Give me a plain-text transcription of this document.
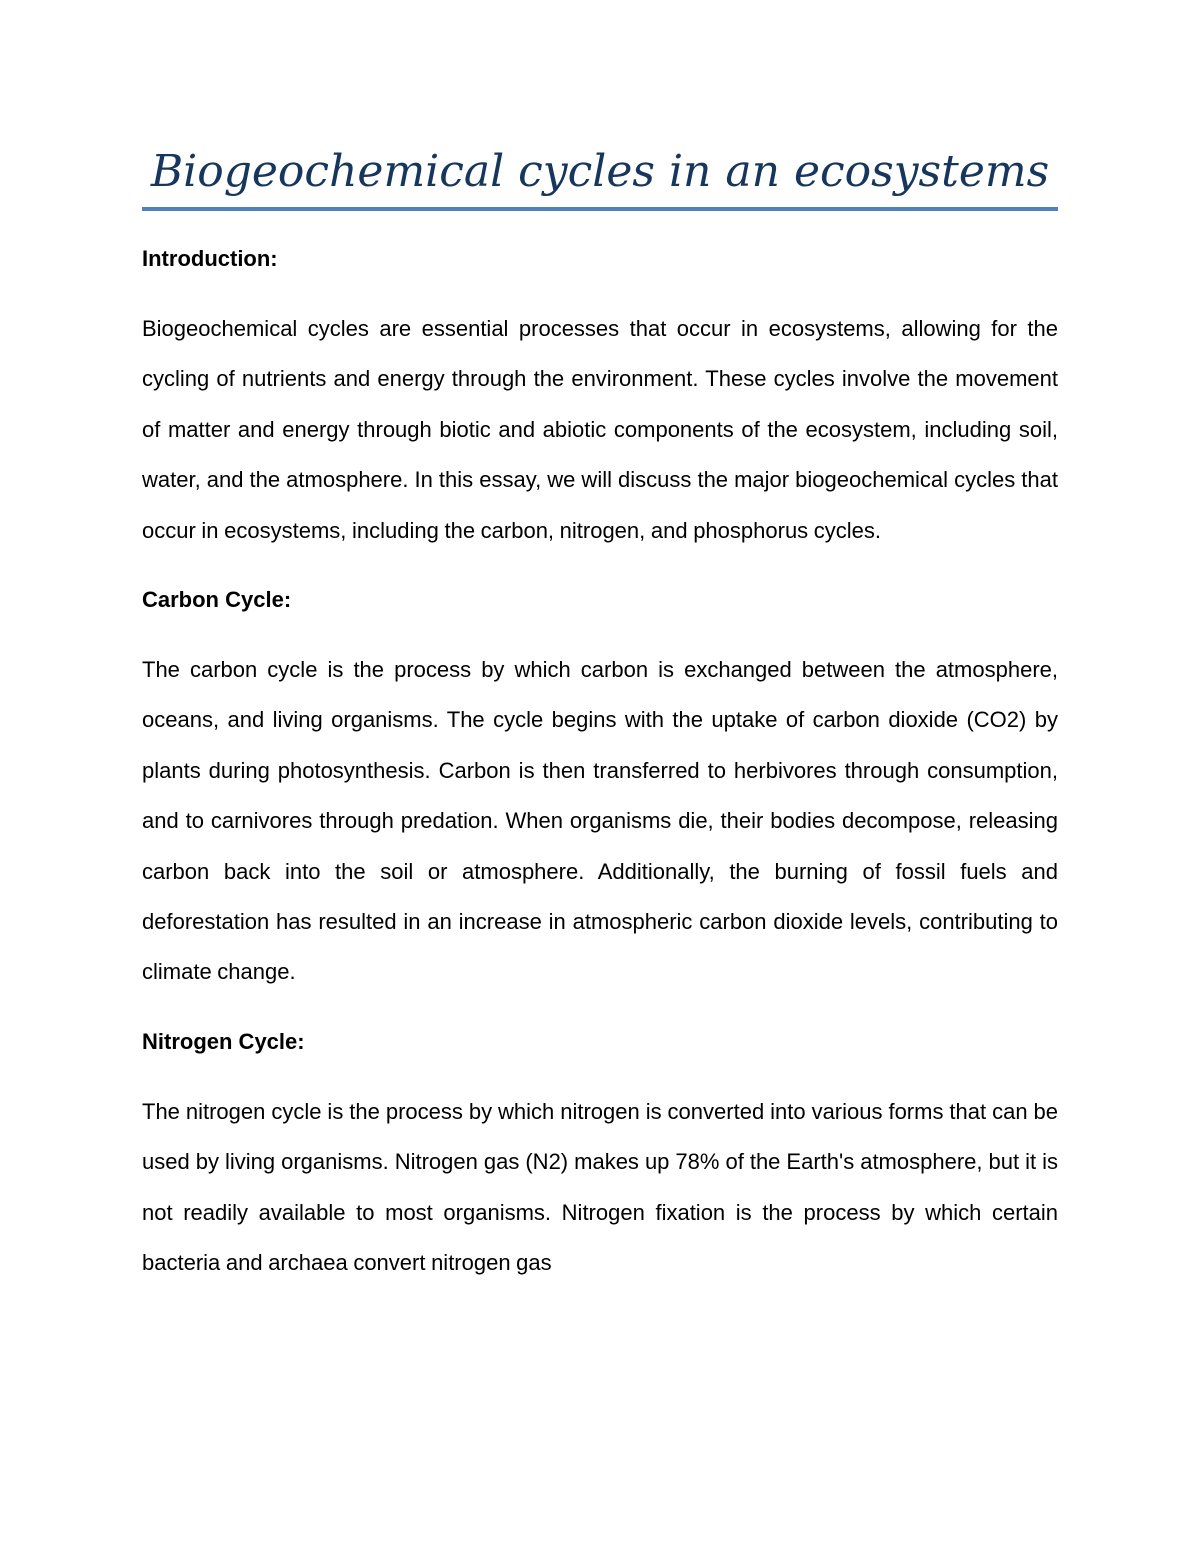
Biogeochemical cycles in an ecosystems

Introduction:

Biogeochemical cycles are essential processes that occur in ecosystems, allowing for the cycling of nutrients and energy through the environment. These cycles involve the movement of matter and energy through biotic and abiotic components of the ecosystem, including soil, water, and the atmosphere. In this essay, we will discuss the major biogeochemical cycles that occur in ecosystems, including the carbon, nitrogen, and phosphorus cycles.

Carbon Cycle:

The carbon cycle is the process by which carbon is exchanged between the atmosphere, oceans, and living organisms. The cycle begins with the uptake of carbon dioxide (CO2) by plants during photosynthesis. Carbon is then transferred to herbivores through consumption, and to carnivores through predation. When organisms die, their bodies decompose, releasing carbon back into the soil or atmosphere. Additionally, the burning of fossil fuels and deforestation has resulted in an increase in atmospheric carbon dioxide levels, contributing to climate change.

Nitrogen Cycle:

The nitrogen cycle is the process by which nitrogen is converted into various forms that can be used by living organisms. Nitrogen gas (N2) makes up 78% of the Earth's atmosphere, but it is not readily available to most organisms. Nitrogen fixation is the process by which certain bacteria and archaea convert nitrogen gas
